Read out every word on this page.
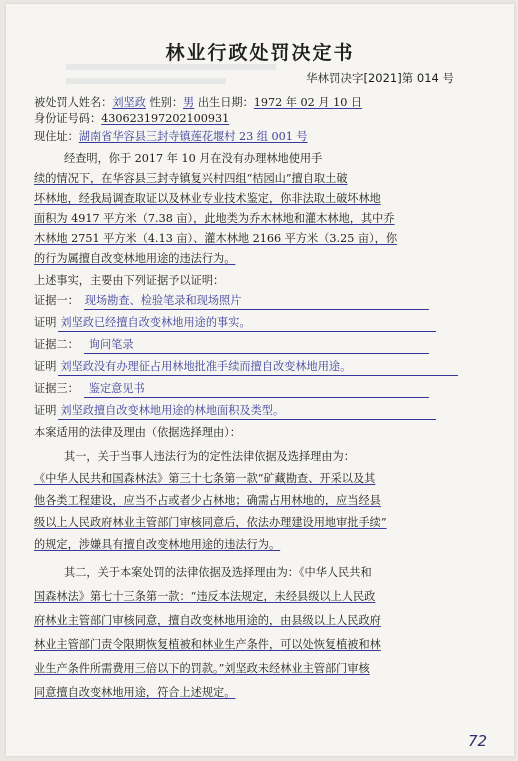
林业行政处罚决定书
华林罚决字[2021]第 014 号
被处罚人姓名：刘坚政 性别：男 出生日期：1972 年 02 月 10 日
身份证号码：430623197202100931
现住址：湖南省华容县三封寺镇莲花堰村 23 组 001 号
经查明，你于 2017 年 10 月在没有办理林地使用手
续的情况下，在华容县三封寺镇复兴村四组“桔园山”擅自取土破
坏林地，经我局调查取证以及林业专业技术鉴定，你非法取土破坏林地
面积为 4917 平方米（7.38 亩），此地类为乔木林地和灌木林地，其中乔
木林地 2751 平方米（4.13 亩）、灌木林地 2166 平方米（3.25 亩），你
的行为属擅自改变林地用途的违法行为。
上述事实，主要由下列证据予以证明：
证据一： 现场勘查、检验笔录和现场照片
证明 刘坚政已经擅自改变林地用途的事实。
证据二： 询问笔录
证明 刘坚政没有办理征占用林地批准手续而擅自改变林地用途。
证据三： 鉴定意见书
证明 刘坚政擅自改变林地用途的林地面积及类型。
本案适用的法律及理由（依据选择理由）：
其一，关于当事人违法行为的定性法律依据及选择理由为：
《中华人民共和国森林法》第三十七条第一款“矿藏勘查、开采以及其
他各类工程建设，应当不占或者少占林地；确需占用林地的，应当经县
级以上人民政府林业主管部门审核同意后，依法办理建设用地审批手续”
的规定，涉嫌具有擅自改变林地用途的违法行为。
其二，关于本案处罚的法律依据及选择理由为：《中华人民共和
国森林法》第七十三条第一款：“违反本法规定，未经县级以上人民政
府林业主管部门审核同意，擅自改变林地用途的，由县级以上人民政府
林业主管部门责令限期恢复植被和林业生产条件，可以处恢复植被和林
业生产条件所需费用三倍以下的罚款。”刘坚政未经林业主管部门审核
同意擅自改变林地用途，符合上述规定。
72
